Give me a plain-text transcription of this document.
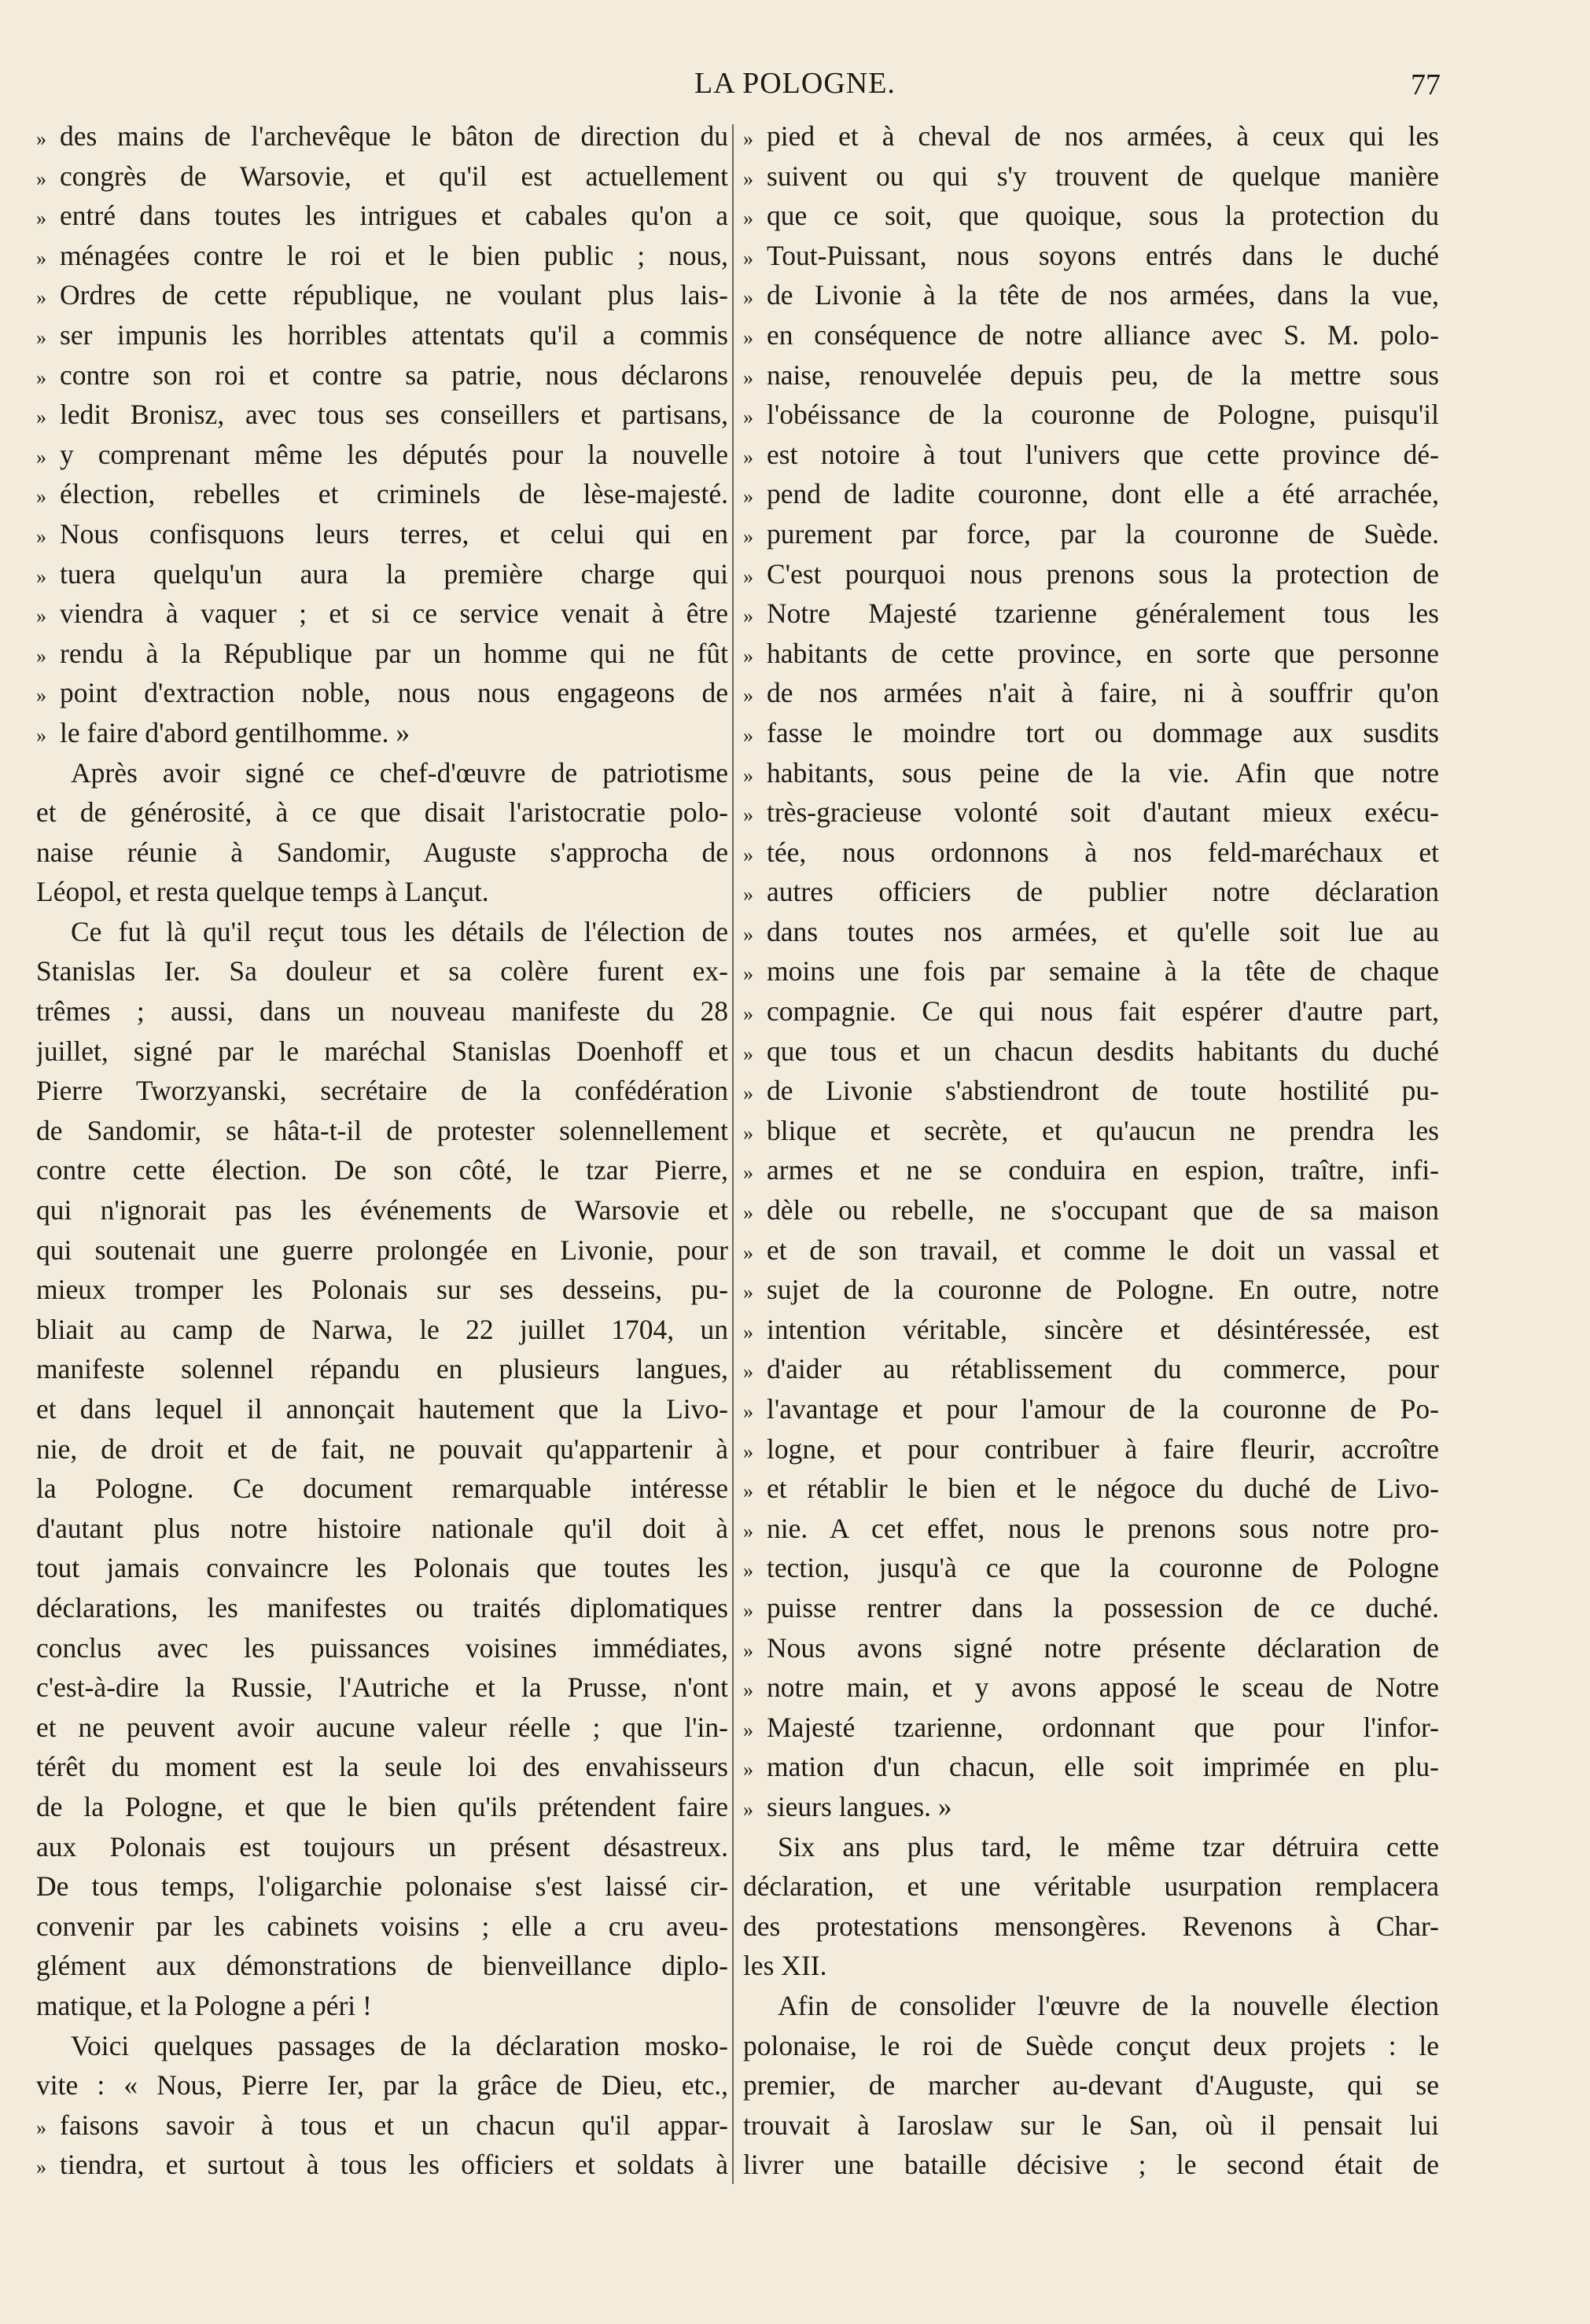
LA POLOGNE.	77
» des mains de l'archevêque le bâton de direction du
» congrès de Warsovie, et qu'il est actuellement
» entré dans toutes les intrigues et cabales qu'on a
» ménagées contre le roi et le bien public ; nous,
» Ordres de cette république, ne voulant plus lais-
» ser impunis les horribles attentats qu'il a commis
» contre son roi et contre sa patrie, nous déclarons
» ledit Bronisz, avec tous ses conseillers et partisans,
» y comprenant même les députés pour la nouvelle
» élection, rebelles et criminels de lèse-majesté.
» Nous confisquons leurs terres, et celui qui en
» tuera quelqu'un aura la première charge qui
» viendra à vaquer ; et si ce service venait à être
» rendu à la République par un homme qui ne fût
» point d'extraction noble, nous nous engageons de
» le faire d'abord gentilhomme. »
Après avoir signé ce chef-d'œuvre de patriotisme
et de générosité, à ce que disait l'aristocratie polo-
naise réunie à Sandomir, Auguste s'approcha de
Léopol, et resta quelque temps à Lançut.
Ce fut là qu'il reçut tous les détails de l'élection de
Stanislas Ier. Sa douleur et sa colère furent ex-
trêmes ; aussi, dans un nouveau manifeste du 28
juillet, signé par le maréchal Stanislas Doenhoff et
Pierre Tworzyanski, secrétaire de la confédération
de Sandomir, se hâta-t-il de protester solennellement
contre cette élection. De son côté, le tzar Pierre,
qui n'ignorait pas les événements de Warsovie et
qui soutenait une guerre prolongée en Livonie, pour
mieux tromper les Polonais sur ses desseins, pu-
bliait au camp de Narwa, le 22 juillet 1704, un
manifeste solennel répandu en plusieurs langues,
et dans lequel il annonçait hautement que la Livo-
nie, de droit et de fait, ne pouvait qu'appartenir à
la Pologne. Ce document remarquable intéresse
d'autant plus notre histoire nationale qu'il doit à
tout jamais convaincre les Polonais que toutes les
déclarations, les manifestes ou traités diplomatiques
conclus avec les puissances voisines immédiates,
c'est-à-dire la Russie, l'Autriche et la Prusse, n'ont
et ne peuvent avoir aucune valeur réelle ; que l'in-
térêt du moment est la seule loi des envahisseurs
de la Pologne, et que le bien qu'ils prétendent faire
aux Polonais est toujours un présent désastreux.
De tous temps, l'oligarchie polonaise s'est laissé cir-
convenir par les cabinets voisins ; elle a cru aveu-
glément aux démonstrations de bienveillance diplo-
matique, et la Pologne a péri !
Voici quelques passages de la déclaration mosko-
vite : « Nous, Pierre Ier, par la grâce de Dieu, etc.,
» faisons savoir à tous et un chacun qu'il appar-
» tiendra, et surtout à tous les officiers et soldats à
» pied et à cheval de nos armées, à ceux qui les
» suivent ou qui s'y trouvent de quelque manière
» que ce soit, que quoique, sous la protection du
» Tout-Puissant, nous soyons entrés dans le duché
» de Livonie à la tête de nos armées, dans la vue,
» en conséquence de notre alliance avec S. M. polo-
» naise, renouvelée depuis peu, de la mettre sous
» l'obéissance de la couronne de Pologne, puisqu'il
» est notoire à tout l'univers que cette province dé-
» pend de ladite couronne, dont elle a été arrachée,
» purement par force, par la couronne de Suède.
» C'est pourquoi nous prenons sous la protection de
» Notre Majesté tzarienne généralement tous les
» habitants de cette province, en sorte que personne
» de nos armées n'ait à faire, ni à souffrir qu'on
» fasse le moindre tort ou dommage aux susdits
» habitants, sous peine de la vie. Afin que notre
» très-gracieuse volonté soit d'autant mieux exécu-
» tée, nous ordonnons à nos feld-maréchaux et
» autres officiers de publier notre déclaration
» dans toutes nos armées, et qu'elle soit lue au
» moins une fois par semaine à la tête de chaque
» compagnie. Ce qui nous fait espérer d'autre part,
» que tous et un chacun desdits habitants du duché
» de Livonie s'abstiendront de toute hostilité pu-
» blique et secrète, et qu'aucun ne prendra les
» armes et ne se conduira en espion, traître, infi-
» dèle ou rebelle, ne s'occupant que de sa maison
» et de son travail, et comme le doit un vassal et
» sujet de la couronne de Pologne. En outre, notre
» intention véritable, sincère et désintéressée, est
» d'aider au rétablissement du commerce, pour
» l'avantage et pour l'amour de la couronne de Po-
» logne, et pour contribuer à faire fleurir, accroître
» et rétablir le bien et le négoce du duché de Livo-
» nie. A cet effet, nous le prenons sous notre pro-
» tection, jusqu'à ce que la couronne de Pologne
» puisse rentrer dans la possession de ce duché.
» Nous avons signé notre présente déclaration de
» notre main, et y avons apposé le sceau de Notre
» Majesté tzarienne, ordonnant que pour l'infor-
» mation d'un chacun, elle soit imprimée en plu-
» sieurs langues. »
Six ans plus tard, le même tzar détruira cette
déclaration, et une véritable usurpation remplacera
des protestations mensongères. Revenons à Char-
les XII.
Afin de consolider l'œuvre de la nouvelle élection
polonaise, le roi de Suède conçut deux projets : le
premier, de marcher au-devant d'Auguste, qui se
trouvait à Iaroslaw sur le San, où il pensait lui
livrer une bataille décisive ; le second était de
